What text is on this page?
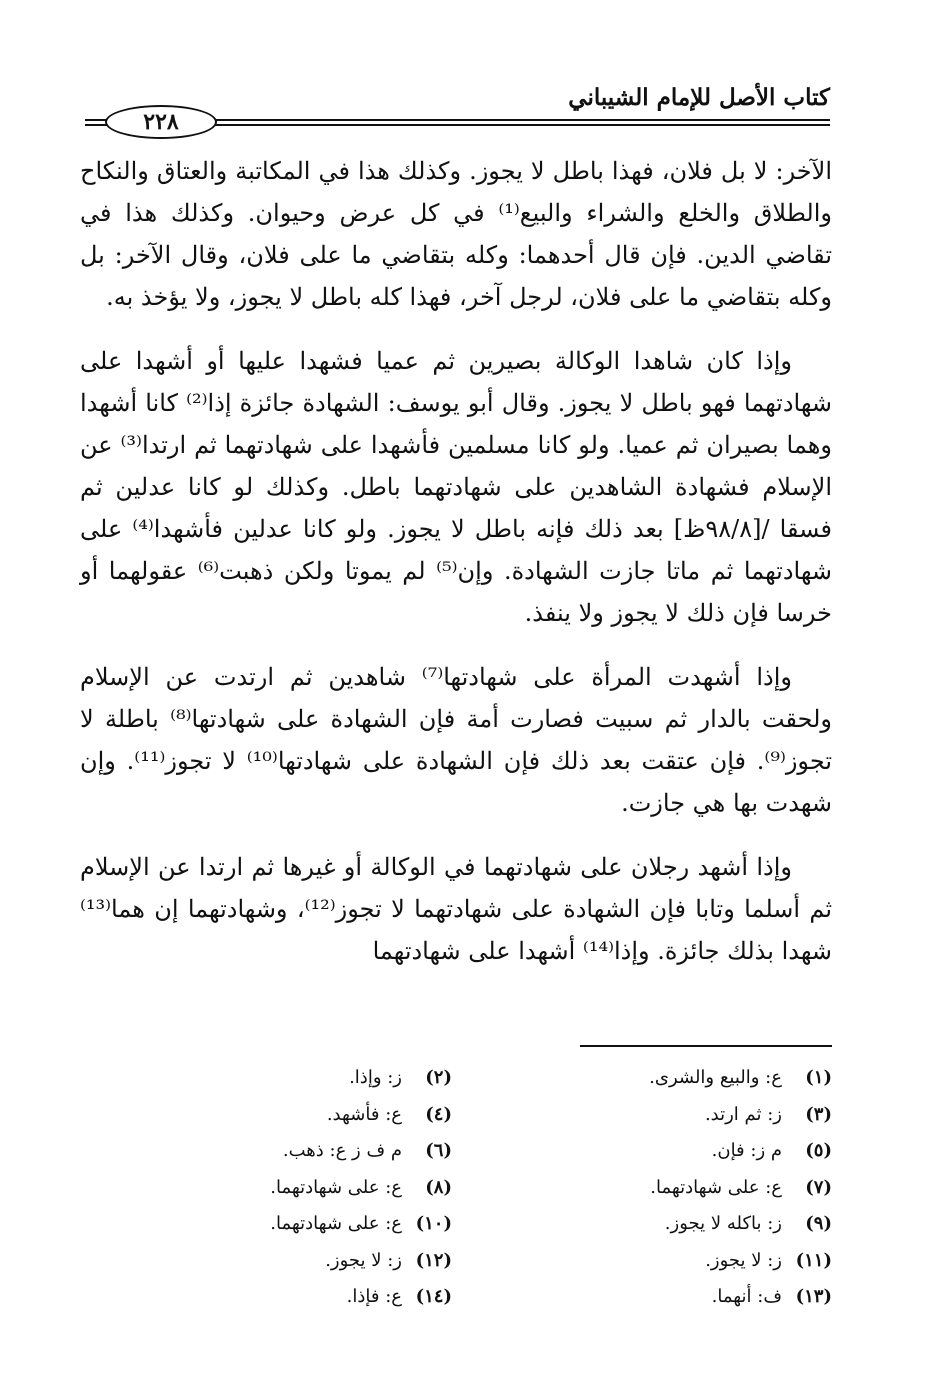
كتاب الأصل للإمام الشيباني
٢٢٨

الآخر: لا بل فلان، فهذا باطل لا يجوز. وكذلك هذا في المكاتبة والعتاق والنكاح والطلاق والخلع والشراء والبيع⁽¹⁾ في كل عرض وحيوان. وكذلك هذا في تقاضي الدين. فإن قال أحدهما: وكله بتقاضي ما على فلان، وقال الآخر: بل وكله بتقاضي ما على فلان، لرجل آخر، فهذا كله باطل لا يجوز، ولا يؤخذ به.

وإذا كان شاهدا الوكالة بصيرين ثم عميا فشهدا عليها أو أشهدا على شهادتهما فهو باطل لا يجوز. وقال أبو يوسف: الشهادة جائزة إذا⁽²⁾ كانا أشهدا وهما بصيران ثم عميا. ولو كانا مسلمين فأشهدا على شهادتهما ثم ارتدا⁽³⁾ عن الإسلام فشهادة الشاهدين على شهادتهما باطل. وكذلك لو كانا عدلين ثم فسقا /[٩٨/٨ظ] بعد ذلك فإنه باطل لا يجوز. ولو كانا عدلين فأشهدا⁽⁴⁾ على شهادتهما ثم ماتا جازت الشهادة. وإن⁽⁵⁾ لم يموتا ولكن ذهبت⁽⁶⁾ عقولهما أو خرسا فإن ذلك لا يجوز ولا ينفذ.

وإذا أشهدت المرأة على شهادتها⁽⁷⁾ شاهدين ثم ارتدت عن الإسلام ولحقت بالدار ثم سبيت فصارت أمة فإن الشهادة على شهادتها⁽⁸⁾ باطلة لا تجوز⁽⁹⁾. فإن عتقت بعد ذلك فإن الشهادة على شهادتها⁽¹⁰⁾ لا تجوز⁽¹¹⁾. وإن شهدت بها هي جازت.

وإذا أشهد رجلان على شهادتهما في الوكالة أو غيرها ثم ارتدا عن الإسلام ثم أسلما وتابا فإن الشهادة على شهادتهما لا تجوز⁽¹²⁾، وشهادتهما إن هما⁽¹³⁾ شهدا بذلك جائزة. وإذا⁽¹⁴⁾ أشهدا على شهادتهما

(١)
ع: والبيع والشرى.
(٣)
ز: ثم ارتد.
(٥)
م ز: فإن.
(٧)
ع: على شهادتهما.
(٩)
ز: باكله لا يجوز.
(١١)
ز: لا يجوز.
(١٣)
ف: أنهما.
(٢)
ز: وإذا.
(٤)
ع: فأشهد.
(٦)
م ف ز ع: ذهب.
(٨)
ع: على شهادتهما.
(١٠)
ع: على شهادتهما.
(١٢)
ز: لا يجوز.
(١٤)
ع: فإذا.
